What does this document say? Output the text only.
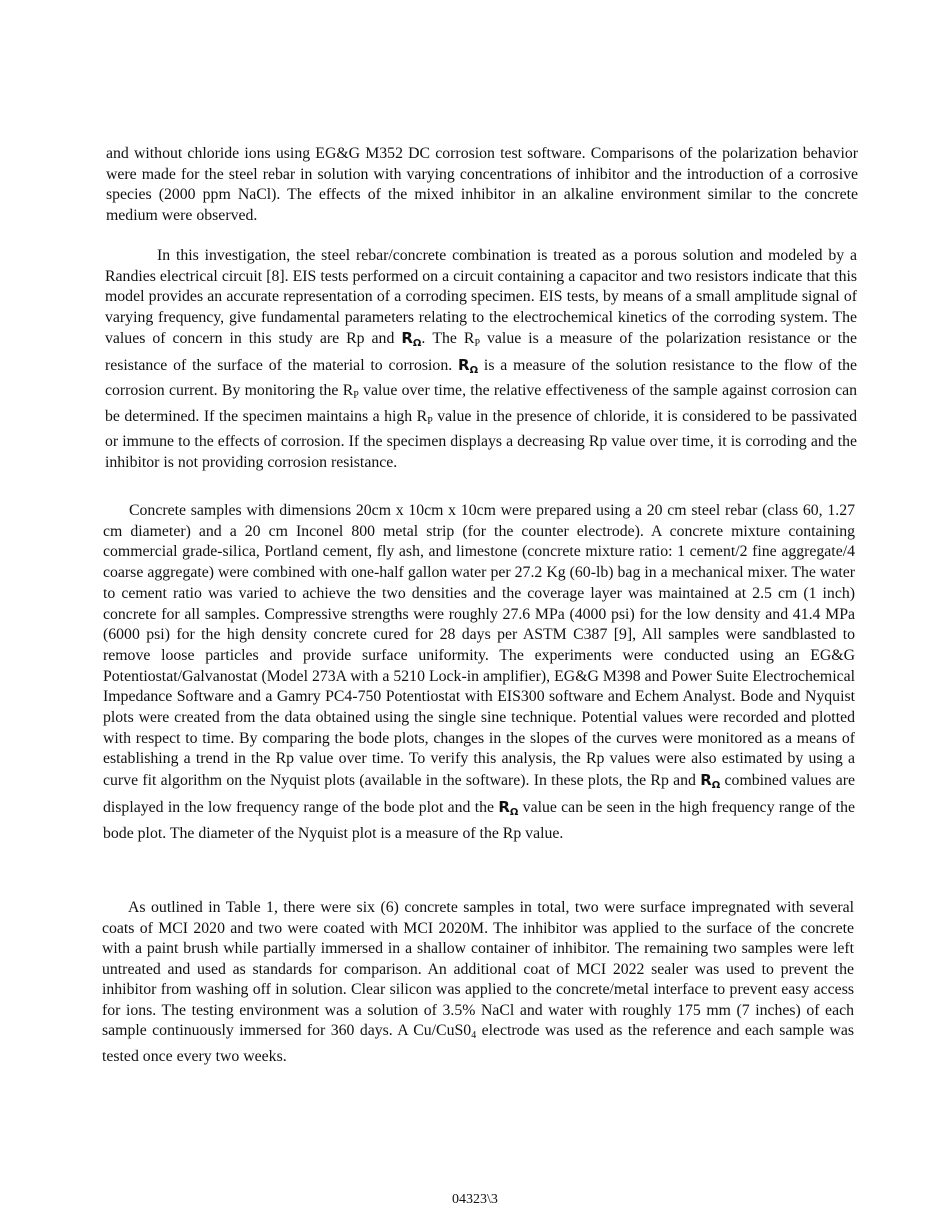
and without chloride ions using EG&G M352 DC corrosion test software. Comparisons of the polarization behavior were made for the steel rebar in solution with varying concentrations of inhibitor and the introduction of a corrosive species (2000 ppm NaCl). The effects of the mixed inhibitor in an alkaline environment similar to the concrete medium were observed.

In this investigation, the steel rebar/concrete combination is treated as a porous solution and modeled by a Randies electrical circuit [8]. EIS tests performed on a circuit containing a capacitor and two resistors indicate that this model provides an accurate representation of a corroding specimen. EIS tests, by means of a small amplitude signal of varying frequency, give fundamental parameters relating to the electrochemical kinetics of the corroding system. The values of concern in this study are Rp and $R_\Omega$. The $R_P$ value is a measure of the polarization resistance or the resistance of the surface of the material to corrosion. $R_\Omega$ is a measure of the solution resistance to the flow of the corrosion current. By monitoring the $R_P$ value over time, the relative effectiveness of the sample against corrosion can be determined. If the specimen maintains a high $R_P$ value in the presence of chloride, it is considered to be passivated or immune to the effects of corrosion. If the specimen displays a decreasing Rp value over time, it is corroding and the inhibitor is not providing corrosion resistance.

Concrete samples with dimensions 20cm x 10cm x 10cm were prepared using a 20 cm steel rebar (class 60, 1.27 cm diameter) and a 20 cm Inconel 800 metal strip (for the counter electrode). A concrete mixture containing commercial grade-silica, Portland cement, fly ash, and limestone (concrete mixture ratio: 1 cement/2 fine aggregate/4 coarse aggregate) were combined with one-half gallon water per 27.2 Kg (60-lb) bag in a mechanical mixer. The water to cement ratio was varied to achieve the two densities and the coverage layer was maintained at 2.5 cm (1 inch) concrete for all samples. Compressive strengths were roughly 27.6 MPa (4000 psi) for the low density and 41.4 MPa (6000 psi) for the high density concrete cured for 28 days per ASTM C387 [9], All samples were sandblasted to remove loose particles and provide surface uniformity. The experiments were conducted using an EG&G Potentiostat/Galvanostat (Model 273A with a 5210 Lock-in amplifier), EG&G M398 and Power Suite Electrochemical Impedance Software and a Gamry PC4-750 Potentiostat with EIS300 software and Echem Analyst. Bode and Nyquist plots were created from the data obtained using the single sine technique. Potential values were recorded and plotted with respect to time. By comparing the bode plots, changes in the slopes of the curves were monitored as a means of establishing a trend in the Rp value over time. To verify this analysis, the Rp values were also estimated by using a curve fit algorithm on the Nyquist plots (available in the software). In these plots, the Rp and $R_\Omega$ combined values are displayed in the low frequency range of the bode plot and the $R_\Omega$ value can be seen in the high frequency range of the bode plot. The diameter of the Nyquist plot is a measure of the Rp value.

As outlined in Table 1, there were six (6) concrete samples in total, two were surface impregnated with several coats of MCI 2020 and two were coated with MCI 2020M. The inhibitor was applied to the surface of the concrete with a paint brush while partially immersed in a shallow container of inhibitor. The remaining two samples were left untreated and used as standards for comparison. An additional coat of MCI 2022 sealer was used to prevent the inhibitor from washing off in solution. Clear silicon was applied to the concrete/metal interface to prevent easy access for ions. The testing environment was a solution of 3.5% NaCl and water with roughly 175 mm (7 inches) of each sample continuously immersed for 360 days. A $Cu/CuS0_4$ electrode was used as the reference and each sample was tested once every two weeks.

04323\3
